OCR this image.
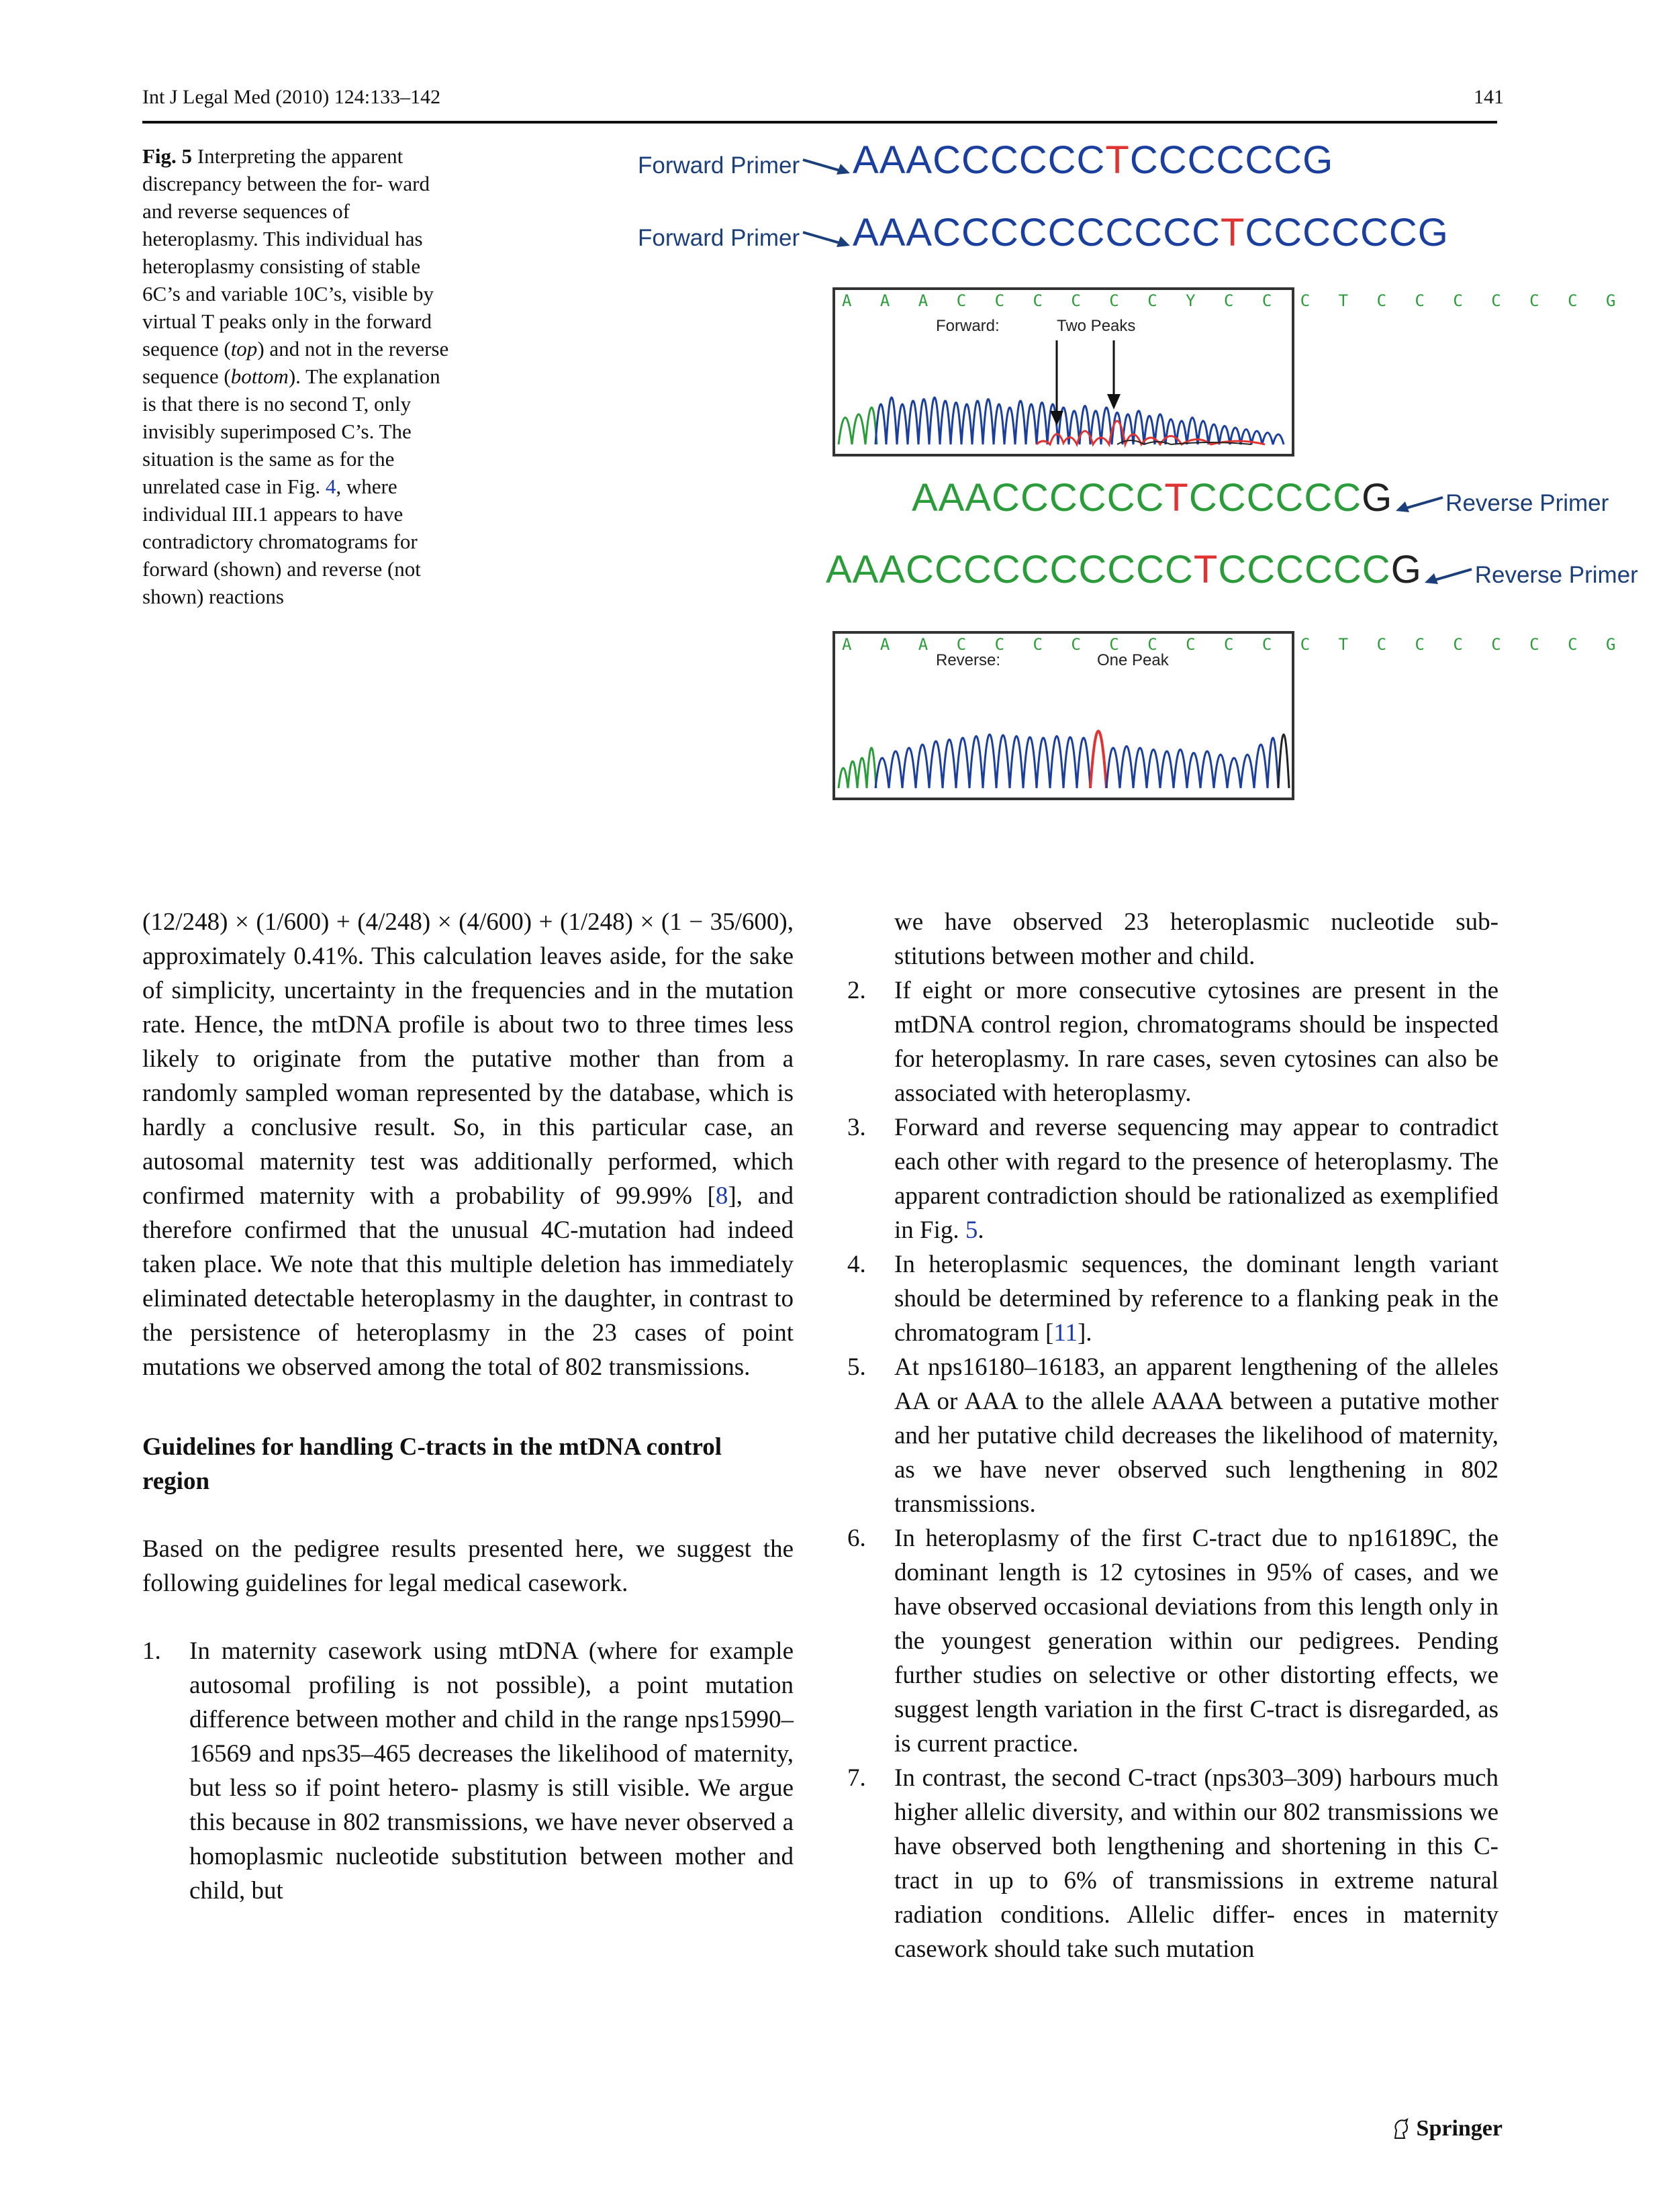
Int J Legal Med (2010) 124:133–142	141
Fig. 5 Interpreting the apparent discrepancy between the for- ward and reverse sequences of heteroplasmy. This individual has heteroplasmy consisting of stable 6C’s and variable 10C’s, visible by virtual T peaks only in the forward sequence (top) and not in the reverse sequence (bottom). The explanation is that there is no second T, only invisibly superimposed C’s. The situation is the same as for the unrelated case in Fig. 4, where individual III.1 appears to have contradictory chromatograms for forward (shown) and reverse (not shown) reactions
Forward Primer AAACCCCCCTCCCCCCG
Forward Primer AAACCCCCCCCCCTCCCCCCG
A A A C C C C C C Y C C C T C C C C C C G
Forward:	Two Peaks
AAACCCCCCTCCCCCCG Reverse Primer
AAACCCCCCCCCCTCCCCCCG Reverse Primer
A A A C C C C C C C C C C T C C C C C C G
Reverse:	One Peak

(12/248) × (1/600) + (4/248) × (4/600) + (1/248) × (1 − 35/600), approximately 0.41%. This calculation leaves aside, for the sake of simplicity, uncertainty in the frequencies and in the mutation rate. Hence, the mtDNA profile is about two to three times less likely to originate from the putative mother than from a randomly sampled woman represented by the database, which is hardly a conclusive result. So, in this particular case, an autosomal maternity test was additionally performed, which confirmed maternity with a probability of 99.99% [8], and therefore confirmed that the unusual 4C-mutation had indeed taken place. We note that this multiple deletion has immediately eliminated detectable heteroplasmy in the daughter, in contrast to the persistence of heteroplasmy in the 23 cases of point mutations we observed among the total of 802 transmissions.

Guidelines for handling C-tracts in the mtDNA control region

Based on the pedigree results presented here, we suggest the following guidelines for legal medical casework.

1.	In maternity casework using mtDNA (where for example autosomal profiling is not possible), a point mutation difference between mother and child in the range nps15990–16569 and nps35–465 decreases the likelihood of maternity, but less so if point hetero- plasmy is still visible. We argue this because in 802 transmissions, we have never observed a homoplasmic nucleotide substitution between mother and child, but
we have observed 23 heteroplasmic nucleotide sub- stitutions between mother and child.
2.	If eight or more consecutive cytosines are present in the mtDNA control region, chromatograms should be inspected for heteroplasmy. In rare cases, seven cytosines can also be associated with heteroplasmy.
3.	Forward and reverse sequencing may appear to contradict each other with regard to the presence of heteroplasmy. The apparent contradiction should be rationalized as exemplified in Fig. 5.
4.	In heteroplasmic sequences, the dominant length variant should be determined by reference to a flanking peak in the chromatogram [11].
5.	At nps16180–16183, an apparent lengthening of the alleles AA or AAA to the allele AAAA between a putative mother and her putative child decreases the likelihood of maternity, as we have never observed such lengthening in 802 transmissions.
6.	In heteroplasmy of the first C-tract due to np16189C, the dominant length is 12 cytosines in 95% of cases, and we have observed occasional deviations from this length only in the youngest generation within our pedigrees. Pending further studies on selective or other distorting effects, we suggest length variation in the first C-tract is disregarded, as is current practice.
7.	In contrast, the second C-tract (nps303–309) harbours much higher allelic diversity, and within our 802 transmissions we have observed both lengthening and shortening in this C-tract in up to 6% of transmissions in extreme natural radiation conditions. Allelic differ- ences in maternity casework should take such mutation
Springer
